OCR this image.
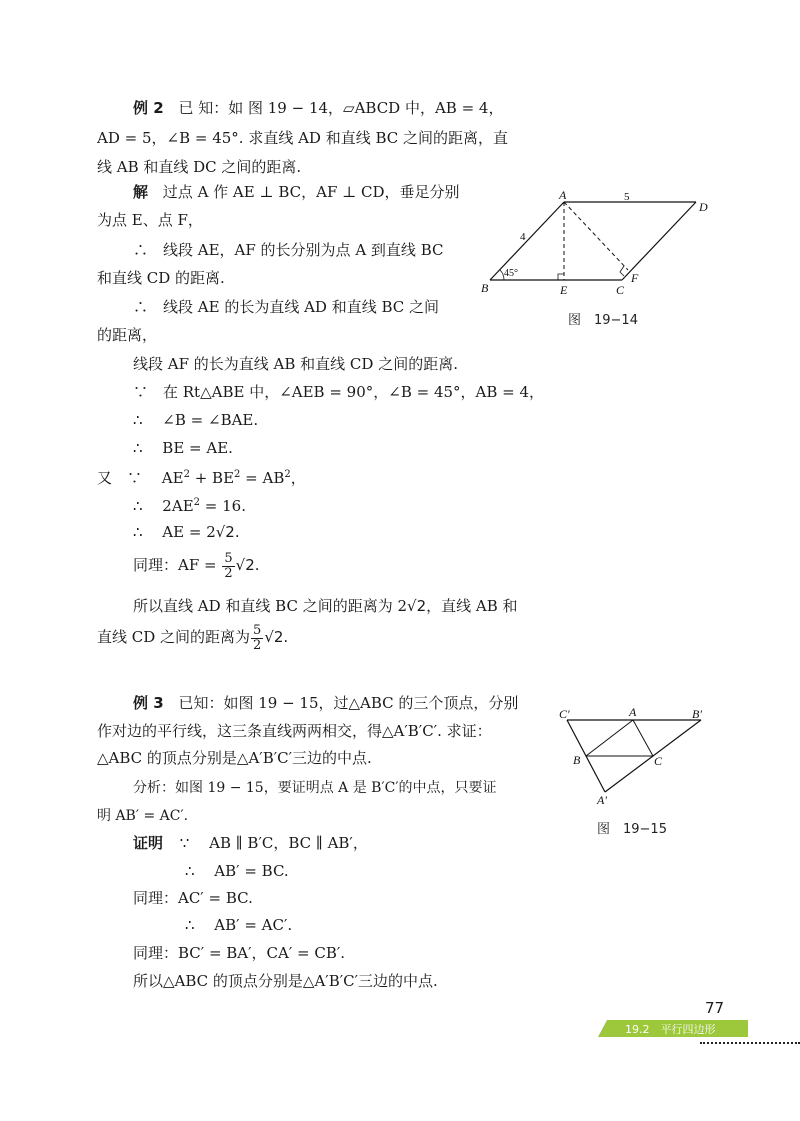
例 2 已 知：如 图 19 − 14，▱ABCD 中，AB = 4，
AD = 5，∠B = 45°. 求直线 AD 和直线 BC 之间的距离，直
线 AB 和直线 DC 之间的距离.
解 过点 A 作 AE ⊥ BC，AF ⊥ CD，垂足分别
为点 E、点 F，
∴　线段 AE，AF 的长分别为点 A 到直线 BC
和直线 CD 的距离.
∴　线段 AE 的长为直线 AD 和直线 BC 之间
的距离，
线段 AF 的长为直线 AB 和直线 CD 之间的距离.
∵　在 Rt△ABE 中，∠AEB = 90°，∠B = 45°，AB = 4，
∴　 ∠B = ∠BAE.
∴　 BE = AE.
又　∵　 $AE^2 + BE^2 = AB^2$，
∴　 $2AE^2 = 16$.
∴　 AE = 2√2.
同理：AF = $\frac{5}{2} √2$.
所以直线 AD 和直线 BC 之间的距离为 2√2，直线 AB 和
直线 CD 之间的距离为 $\frac{5}{2} √2$.
A
B	C
D
E
F
5
4
45°
图　19−14
例 3 已知：如图 19 − 15，过△ABC 的三个顶点，分别
作对边的平行线，这三条直线两两相交，得△A′B′C′. 求证：
△ABC 的顶点分别是△A′B′C′三边的中点.
分析：如图 19 − 15，要证明点 A 是 B′C′的中点，只要证
明 AB′ = AC′.
证明 ∵　 AB ∥ B′C，BC ∥ AB′，
∴　 AB′ = BC.
同理：AC′ = BC.
∴　 AB′ = AC′.
同理：BC′ = BA′，CA′ = CB′.
所以△ABC 的顶点分别是△A′B′C′三边的中点.
C′	A	B′
B	C
A′
图　19−15
77
19.2　平行四边形
